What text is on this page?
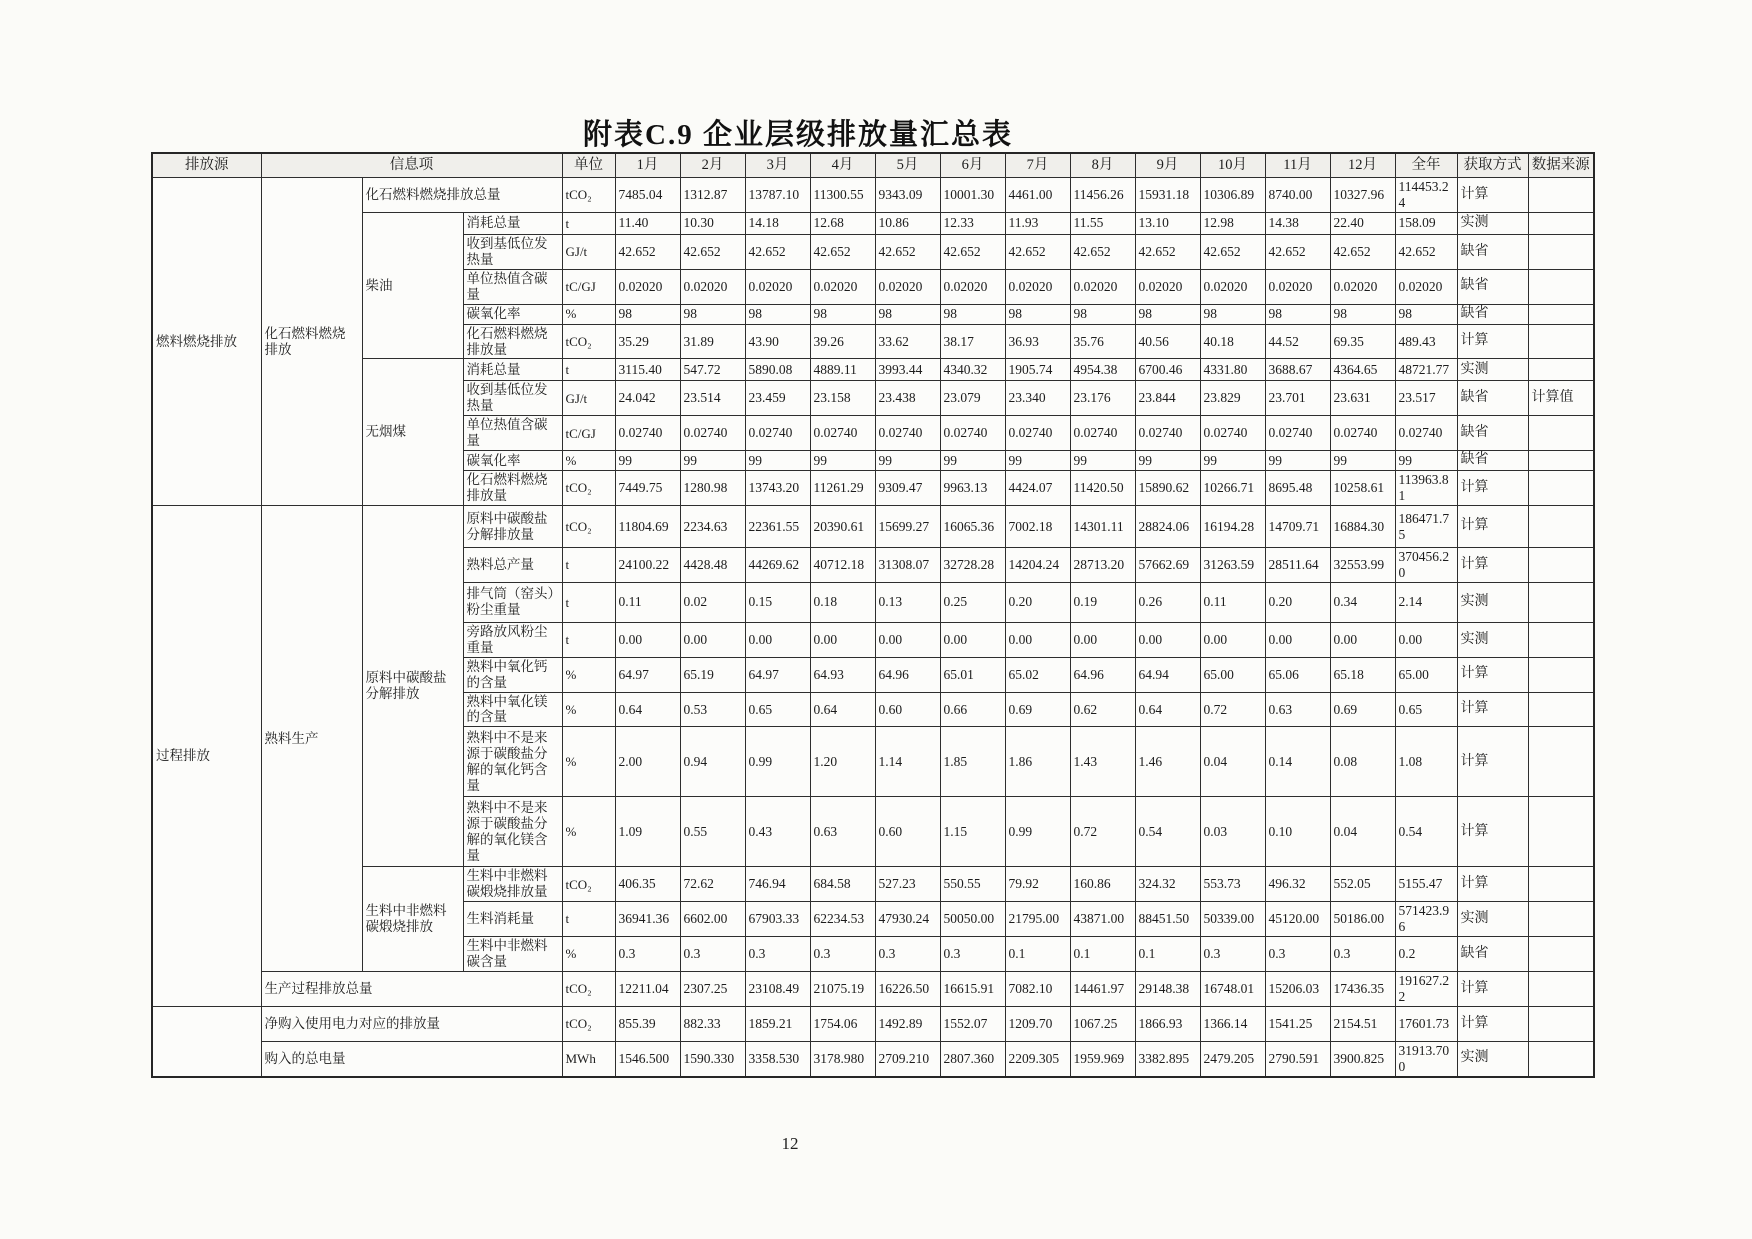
附表C.9 企业层级排放量汇总表
排放源	信息项			单位	1月	2月	3月	4月	5月	6月	7月	8月	9月	10月	11月	12月	全年	获取方式	数据来源
燃料燃烧排放	化石燃料燃烧排放	化石燃料燃烧排放总量		tCO₂	7485.04	1312.87	13787.10	11300.55	9343.09	10001.30	4461.00	11456.26	15931.18	10306.89	8740.00	10327.96	114453.24	计算	
		柴油	消耗总量	t	11.40	10.30	14.18	12.68	10.86	12.33	11.93	11.55	13.10	12.98	14.38	22.40	158.09	实测	
			收到基低位发热量	GJ/t	42.652	42.652	42.652	42.652	42.652	42.652	42.652	42.652	42.652	42.652	42.652	42.652	42.652	缺省	
			单位热值含碳量	tC/GJ	0.02020	0.02020	0.02020	0.02020	0.02020	0.02020	0.02020	0.02020	0.02020	0.02020	0.02020	0.02020	0.02020	缺省	
			碳氧化率	%	98	98	98	98	98	98	98	98	98	98	98	98	98	缺省	
			化石燃料燃烧排放量	tCO₂	35.29	31.89	43.90	39.26	33.62	38.17	36.93	35.76	40.56	40.18	44.52	69.35	489.43	计算	
		无烟煤	消耗总量	t	3115.40	547.72	5890.08	4889.11	3993.44	4340.32	1905.74	4954.38	6700.46	4331.80	3688.67	4364.65	48721.77	实测	
			收到基低位发热量	GJ/t	24.042	23.514	23.459	23.158	23.438	23.079	23.340	23.176	23.844	23.829	23.701	23.631	23.517	缺省	计算值
			单位热值含碳量	tC/GJ	0.02740	0.02740	0.02740	0.02740	0.02740	0.02740	0.02740	0.02740	0.02740	0.02740	0.02740	0.02740	0.02740	缺省	
			碳氧化率	%	99	99	99	99	99	99	99	99	99	99	99	99	99	缺省	
			化石燃料燃烧排放量	tCO₂	7449.75	1280.98	13743.20	11261.29	9309.47	9963.13	4424.07	11420.50	15890.62	10266.71	8695.48	10258.61	113963.81	计算	
过程排放	熟料生产	原料中碳酸盐分解排放	原料中碳酸盐分解排放量	tCO₂	11804.69	2234.63	22361.55	20390.61	15699.27	16065.36	7002.18	14301.11	28824.06	16194.28	14709.71	16884.30	186471.75	计算	
			熟料总产量	t	24100.22	4428.48	44269.62	40712.18	31308.07	32728.28	14204.24	28713.20	57662.69	31263.59	28511.64	32553.99	370456.20	计算	
			排气筒（窑头）粉尘重量	t	0.11	0.02	0.15	0.18	0.13	0.25	0.20	0.19	0.26	0.11	0.20	0.34	2.14	实测	
			旁路放风粉尘重量	t	0.00	0.00	0.00	0.00	0.00	0.00	0.00	0.00	0.00	0.00	0.00	0.00	0.00	实测	
			熟料中氧化钙的含量	%	64.97	65.19	64.97	64.93	64.96	65.01	65.02	64.96	64.94	65.00	65.06	65.18	65.00	计算	
			熟料中氧化镁的含量	%	0.64	0.53	0.65	0.64	0.60	0.66	0.69	0.62	0.64	0.72	0.63	0.69	0.65	计算	
			熟料中不是来源于碳酸盐分解的氧化钙含量	%	2.00	0.94	0.99	1.20	1.14	1.85	1.86	1.43	1.46	0.04	0.14	0.08	1.08	计算	
			熟料中不是来源于碳酸盐分解的氧化镁含量	%	1.09	0.55	0.43	0.63	0.60	1.15	0.99	0.72	0.54	0.03	0.10	0.04	0.54	计算	
		生料中非燃料碳煅烧排放	生料中非燃料碳煅烧排放量	tCO₂	406.35	72.62	746.94	684.58	527.23	550.55	79.92	160.86	324.32	553.73	496.32	552.05	5155.47	计算	
			生料消耗量	t	36941.36	6602.00	67903.33	62234.53	47930.24	50050.00	21795.00	43871.00	88451.50	50339.00	45120.00	50186.00	571423.96	实测	
			生料中非燃料碳含量	%	0.3	0.3	0.3	0.3	0.3	0.3	0.1	0.1	0.1	0.3	0.3	0.3	0.2	缺省	
	生产过程排放总量			tCO₂	12211.04	2307.25	23108.49	21075.19	16226.50	16615.91	7082.10	14461.97	29148.38	16748.01	15206.03	17436.35	191627.22	计算	
	净购入使用电力对应的排放量			tCO₂	855.39	882.33	1859.21	1754.06	1492.89	1552.07	1209.70	1067.25	1866.93	1366.14	1541.25	2154.51	17601.73	计算	
	购入的总电量			MWh	1546.500	1590.330	3358.530	3178.980	2709.210	2807.360	2209.305	1959.969	3382.895	2479.205	2790.591	3900.825	31913.700	实测	
12
